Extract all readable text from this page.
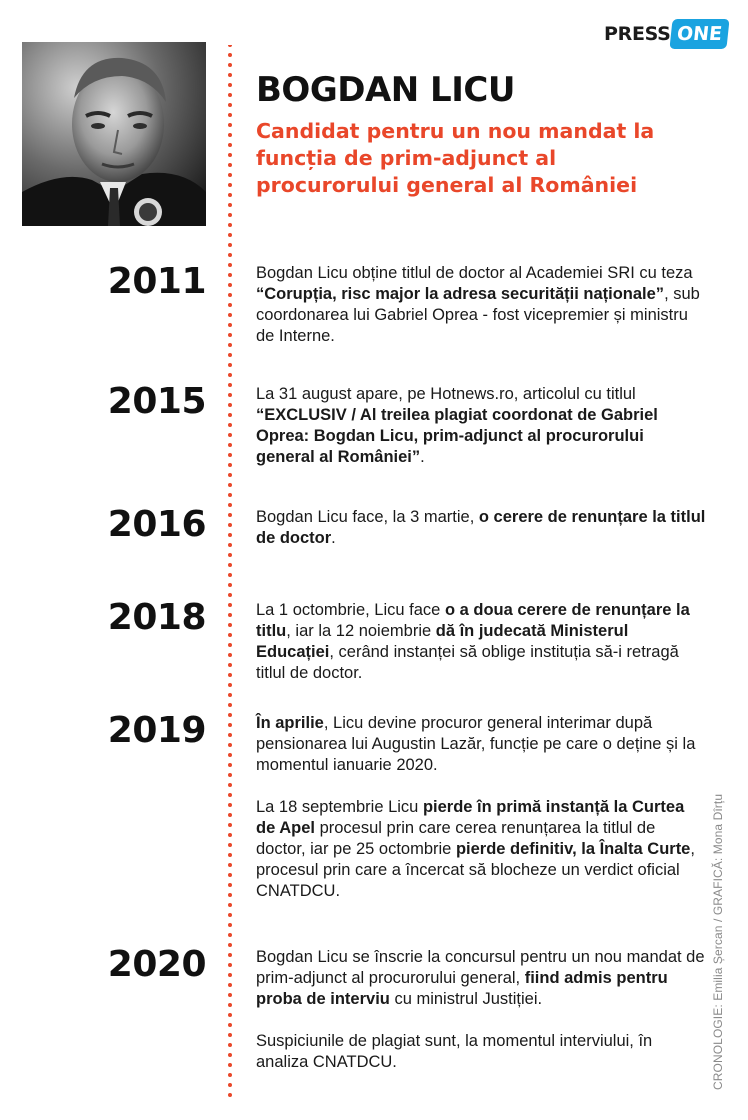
PRESS ONE
BOGDAN LICU
Candidat pentru un nou mandat la funcția de prim-adjunct al procurorului general al României
2011
2015
2016
2018
2019
2020

Bogdan Licu obține titlul de doctor al Academiei SRI cu teza “Corupția, risc major la adresa securității naționale”, sub coordonarea lui Gabriel Oprea - fost vicepremier și ministru de Interne.

La 31 august apare, pe Hotnews.ro, articolul cu titlul “EXCLUSIV / Al treilea plagiat coordonat de Gabriel Oprea: Bogdan Licu, prim-adjunct al procurorului general al României”.

Bogdan Licu face, la 3 martie, o cerere de renunțare la titlul de doctor.

La 1 octombrie, Licu face o a doua cerere de renunțare la titlu, iar la 12 noiembrie dă în judecată Ministerul Educației, cerând instanței să oblige instituția să-i retragă titlul de doctor.

În aprilie, Licu devine procuror general interimar după pensionarea lui Augustin Lazăr, funcție pe care o deține și la momentul ianuarie 2020.

La 18 septembrie Licu pierde în primă instanță la Curtea de Apel procesul prin care cerea renunțarea la titlul de doctor, iar pe 25 octombrie pierde definitiv, la Înalta Curte, procesul prin care a încercat să blocheze un verdict oficial CNATDCU.

Bogdan Licu se înscrie la concursul pentru un nou mandat de prim-adjunct al procurorului general, fiind admis pentru proba de interviu cu ministrul Justiției.

Suspiciunile de plagiat sunt, la momentul interviului, în analiza CNATDCU.	CRONOLOGIE: Emilia Șercan / GRAFICĂ: Mona Dîrțu
